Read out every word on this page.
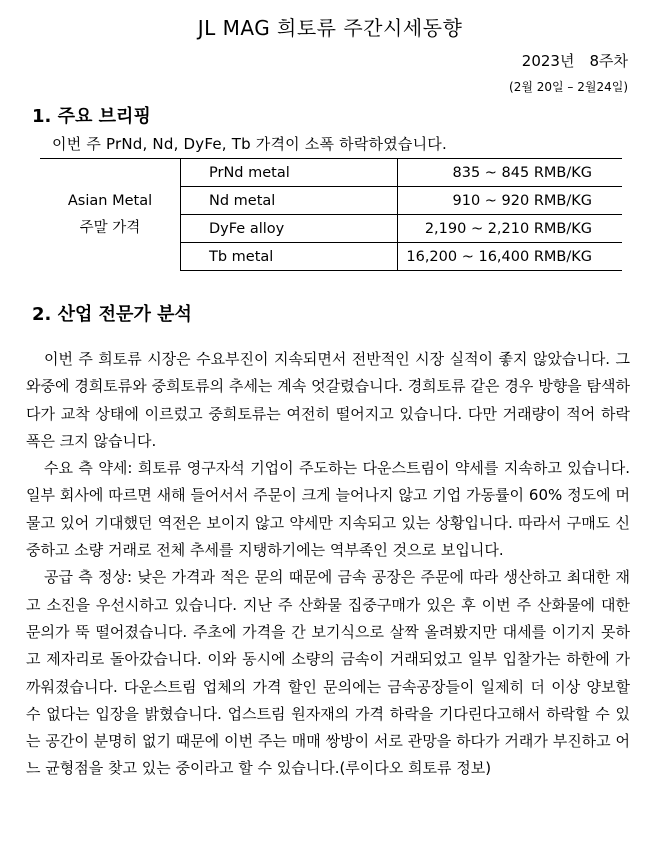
JL MAG 희토류 주간시세동향
2023년　8주차
(2월 20일 – 2월24일)
1. 주요 브리핑
이번 주 PrNd, Nd, DyFe, Tb 가격이 소폭 하락하였습니다.
Asian Metal
주말 가격	PrNd metal	835 ~ 845 RMB/KG
	Nd metal	910 ~ 920 RMB/KG
	DyFe alloy	2,190 ~ 2,210 RMB/KG
	Tb metal	16,200 ~ 16,400 RMB/KG
2. 산업 전문가 분석

이번 주 희토류 시장은 수요부진이 지속되면서 전반적인 시장 실적이 좋지 않았습니다. 그 와중에 경희토류와 중희토류의 추세는 계속 엇갈렸습니다. 경희토류 같은 경우 방향을 탐색하다가 교착 상태에 이르렀고 중희토류는 여전히 떨어지고 있습니다. 다만 거래량이 적어 하락폭은 크지 않습니다.

수요 측 약세: 희토류 영구자석 기업이 주도하는 다운스트림이 약세를 지속하고 있습니다. 일부 회사에 따르면 새해 들어서서 주문이 크게 늘어나지 않고 기업 가동률이 60% 정도에 머물고 있어 기대했던 역전은 보이지 않고 약세만 지속되고 있는 상황입니다. 따라서 구매도 신중하고 소량 거래로 전체 추세를 지탱하기에는 역부족인 것으로 보입니다.

공급 측 정상: 낮은 가격과 적은 문의 때문에 금속 공장은 주문에 따라 생산하고 최대한 재고 소진을 우선시하고 있습니다. 지난 주 산화물 집중구매가 있은 후 이번 주 산화물에 대한 문의가 뚝 떨어졌습니다. 주초에 가격을 간 보기식으로 살짝 올려봤지만 대세를 이기지 못하고 제자리로 돌아갔습니다. 이와 동시에 소량의 금속이 거래되었고 일부 입찰가는 하한에 가까워졌습니다. 다운스트림 업체의 가격 할인 문의에는 금속공장들이 일제히 더 이상 양보할 수 없다는 입장을 밝혔습니다. 업스트림 원자재의 가격 하락을 기다린다고해서 하락할 수 있는 공간이 분명히 없기 때문에 이번 주는 매매 쌍방이 서로 관망을 하다가 거래가 부진하고 어느 균형점을 찾고 있는 중이라고 할 수 있습니다.(루이다오 희토류 정보)
